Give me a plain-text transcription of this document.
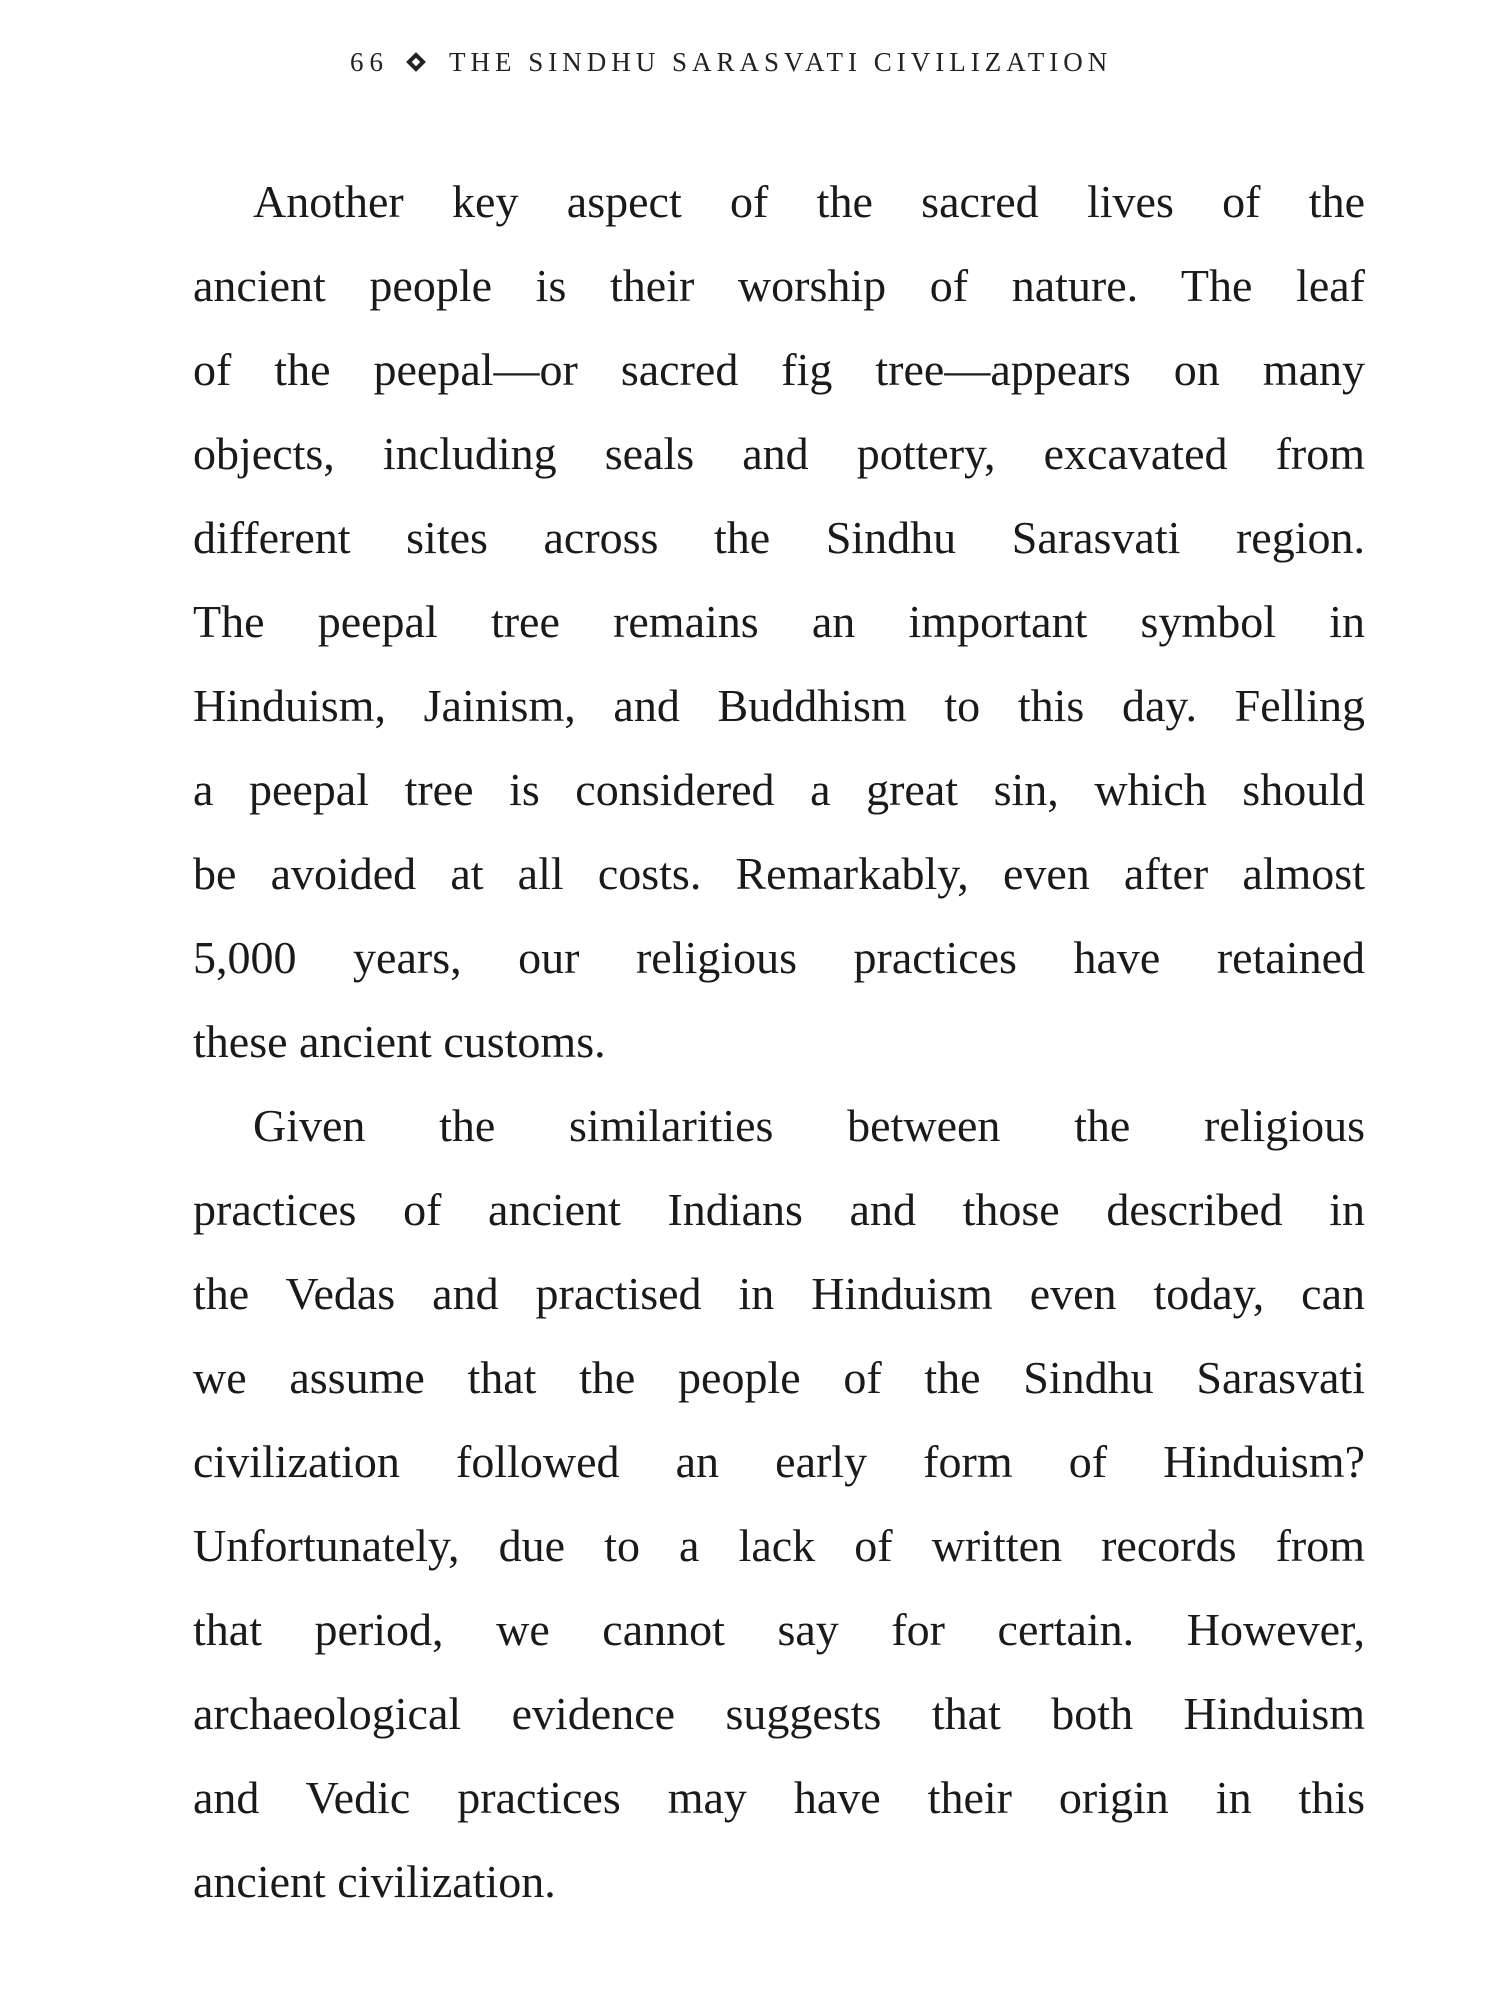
66 THE SINDHU SARASVATI CIVILIZATION
Another key aspect of the sacred lives of the
ancient people is their worship of nature. The leaf
of the peepal—or sacred fig tree—appears on many
objects, including seals and pottery, excavated from
different sites across the Sindhu Sarasvati region.
The peepal tree remains an important symbol in
Hinduism, Jainism, and Buddhism to this day. Felling
a peepal tree is considered a great sin, which should
be avoided at all costs. Remarkably, even after almost
5,000 years, our religious practices have retained
these ancient customs.
Given the similarities between the religious
practices of ancient Indians and those described in
the Vedas and practised in Hinduism even today, can
we assume that the people of the Sindhu Sarasvati
civilization followed an early form of Hinduism?
Unfortunately, due to a lack of written records from
that period, we cannot say for certain. However,
archaeological evidence suggests that both Hinduism
and Vedic practices may have their origin in this
ancient civilization.
